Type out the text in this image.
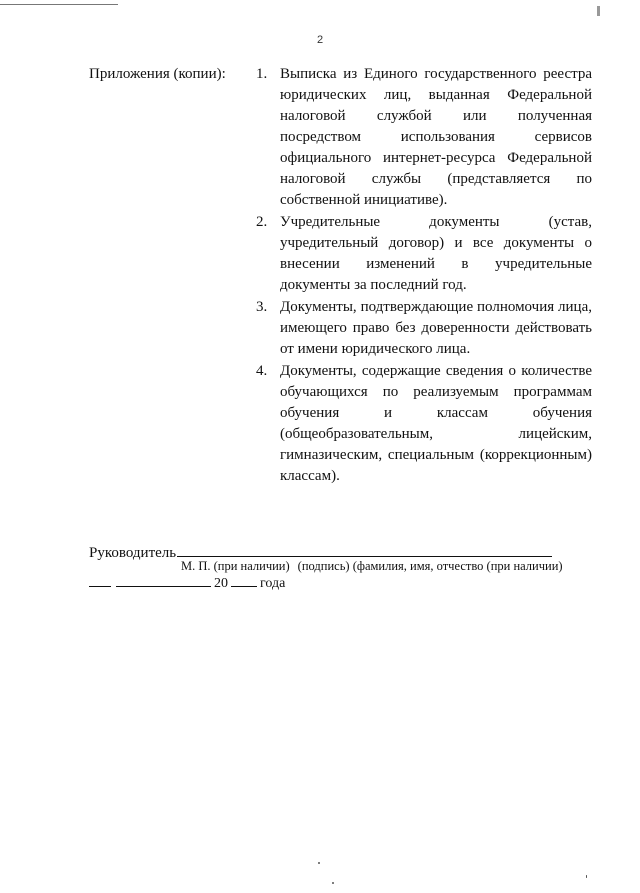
2
Приложения (копии): 1. Выписка из Единого государственного реестра юридических лиц, выданная Федеральной налоговой службой или полученная посредством использования сервисов официального интернет-ресурса Федеральной налоговой службы (представляется по собственной инициативе).
2. Учредительные документы (устав, учредительный договор) и все документы о внесении изменений в учредительные документы за последний год.
3. Документы, подтверждающие полномочия лица, имеющего право без доверенности действовать от имени юридического лица.
4. Документы, содержащие сведения о количестве обучающихся по реализуемым программам обучения и классам обучения (общеобразовательным, лицейским, гимназическим, специальным (коррекционным) классам).
Руководитель
М. П. (при наличии) (подпись) (фамилия, имя, отчество (при наличии)
20 года
